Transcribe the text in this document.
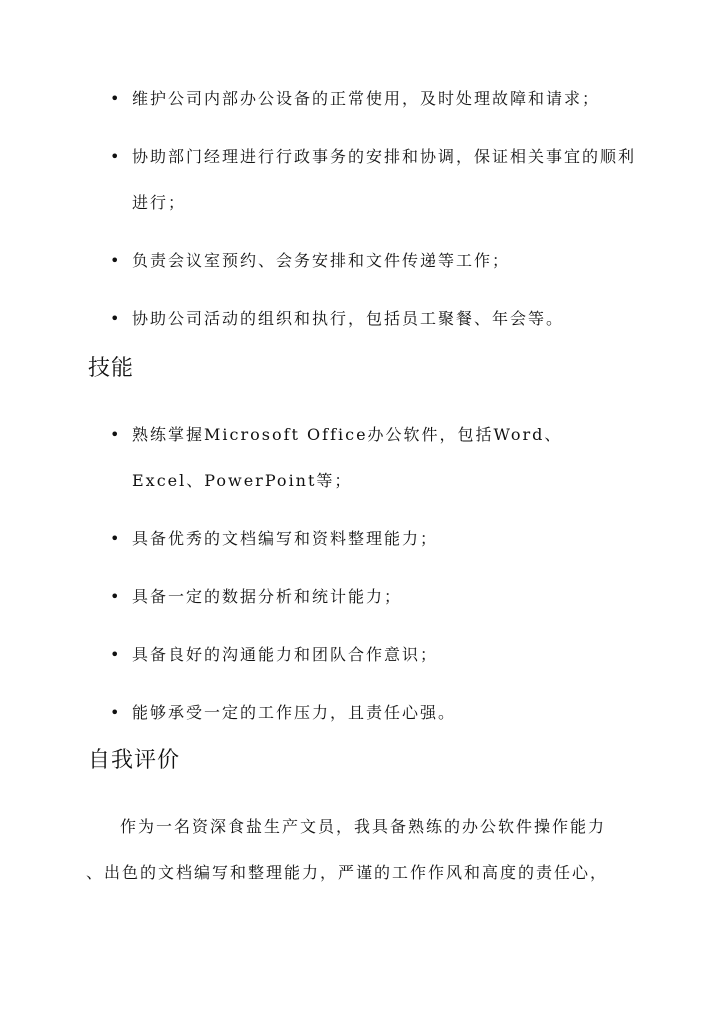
• 维护公司内部办公设备的正常使用，及时处理故障和请求；
• 协助部门经理进行行政事务的安排和协调，保证相关事宜的顺利进行；
• 负责会议室预约、会务安排和文件传递等工作；
• 协助公司活动的组织和执行，包括员工聚餐、年会等。
技能
• 熟练掌握Microsoft Office办公软件，包括Word、Excel、PowerPoint等；
• 具备优秀的文档编写和资料整理能力；
• 具备一定的数据分析和统计能力；
• 具备良好的沟通能力和团队合作意识；
• 能够承受一定的工作压力，且责任心强。
自我评价

作为一名资深食盐生产文员，我具备熟练的办公软件操作能力
、出色的文档编写和整理能力，严谨的工作作风和高度的责任心，
